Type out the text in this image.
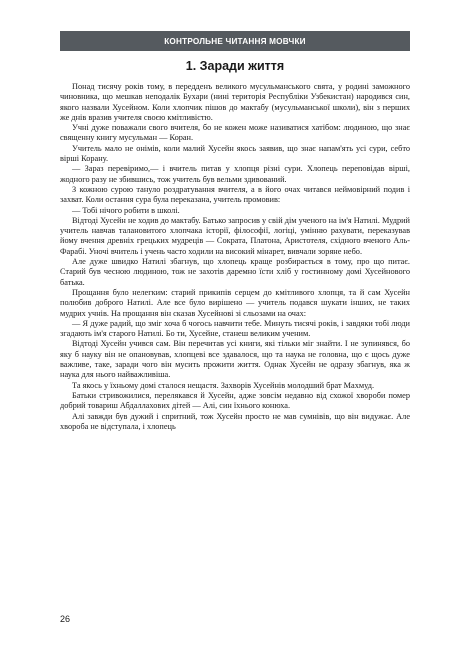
КОНТРОЛЬНЕ ЧИТАННЯ МОВЧКИ
1. Заради життя

Понад тисячу років тому, в передденъ великого мусульманського свята, у родині заможного чиновника, що мешкав неподалік Бухари (нині територія Республіки Узбекистан) народився син, якого назвали Хусейном. Коли хлопчик пішов до мактабу (мусульманської школи), він з перших же днів вразив учителя своєю кмітливістю.

Учні дуже поважали свого вчителя, бо не кожен може називатися хатібом: людиною, що знає священну книгу мусульман — Коран.

Учитель мало не онімів, коли малий Хусейн якось заявив, що знає напам'ять усі сури, себто вірші Корану.

— Зараз перевіримо,— і вчитель питав у хлопця різні сури. Хлопець переповідав вірші, жодного разу не збившись, тож учитель був вельми здивований.

З кожною сурою тануло роздратування вчителя, а в його очах читався неймовірний подив і захват. Коли остання сура була переказана, учитель промовив:

— Тобі нічого робити в школі.

Відтоді Хусейн не ходив до мактабу. Батько запросив у свій дім ученого на ім'я Натилі. Мудрий учитель навчав талановитого хлопчака історії, філософії, логіці, умінню рахувати, переказував йому вчення древніх грецьких мудреців — Сократа, Платона, Аристотеля, східного вченого Аль-Фарабі. Уночі вчитель і учень часто ходили на високий мінарет, вивчали зоряне небо.

Але дуже швидко Натилі збагнув, що хлопець краще розбирається в тому, про що питає. Старий був чесною людиною, тож не захотів даремно їсти хліб у гостинному домі Хусейнового батька.

Прощання було нелегким: старий прикипів серцем до кмітливого хлопця, та й сам Хусейн полюбив доброго Натилі. Але все було вирішено — учитель подався шукати інших, не таких мудрих учнів. На прощання він сказав Хусейнові зі сльозами на очах:

— Я дуже радий, що зміг хоча б чогось навчити тебе. Минуть тисячі років, і завдяки тобі люди згадають ім'я старого Натилі. Бо ти, Хусейне, станеш великим ученим.

Відтоді Хусейн учився сам. Він перечитав усі книги, які тільки міг знайти. І не зупинявся, бо яку б науку він не опановував, хлопцеві все здавалося, що та наука не головна, що є щось дуже важливе, таке, заради чого він мусить прожити життя. Однак Хусейн не одразу збагнув, яка ж наука для нього найважливіша.

Та якось у їхньому домі сталося нещастя. Захворів Хусейнів молодший брат Махмуд.

Батьки стривожилися, перелякався й Хусейн, адже зовсім недавно від схожої хвороби помер добрий товариш Абдаллахових дітей — Алі, син їхнього конюха.

Алі завжди був дужий і спритний, тож Хусейн просто не мав сумнівів, що він видужає. Але хвороба не відступала, і хлопець

26
